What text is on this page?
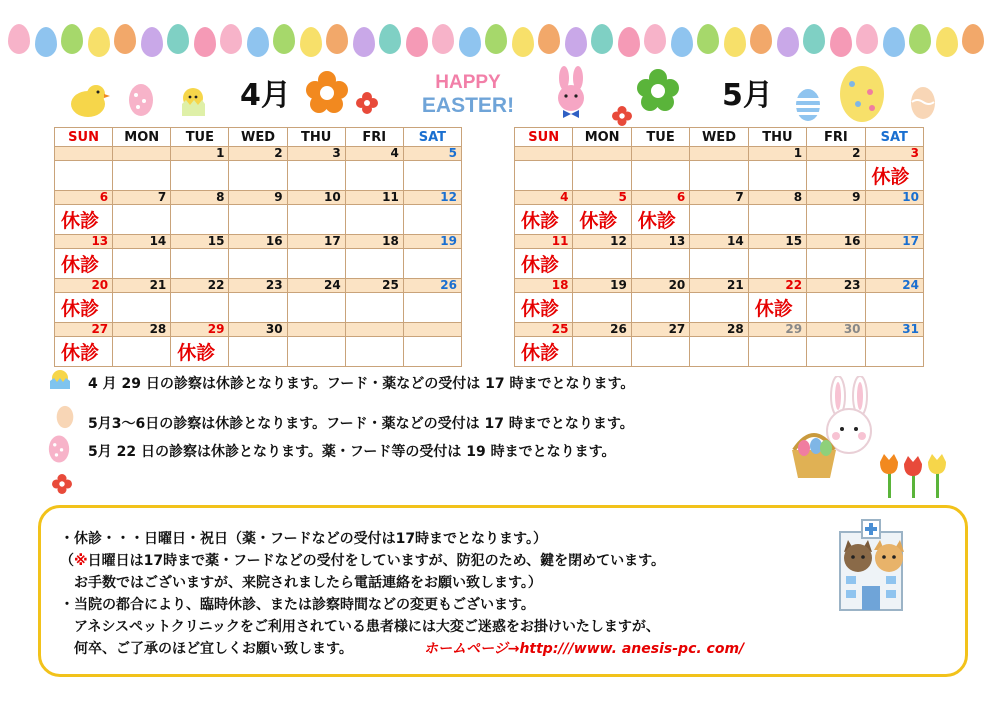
4月	HAPPY
EASTER!	5月
SUN	MON	TUE	WED	THU	FRI	SAT
		1	2	3	4	5

6	7	8	9	10	11	12
休診						
13	14	15	16	17	18	19
休診						
20	21	22	23	24	25	26
休診						
27	28	29	30			
休診		休診				
SUN	MON	TUE	WED	THU	FRI	SAT
				1	2	3
						休診
4	5	6	7	8	9	10
休診	休診	休診				
11	12	13	14	15	16	17
休診						
18	19	20	21	22	23	24
休診				休診		
25	26	27	28	29	30	31
休診						
4 月 29 日の診察は休診となります。フード・薬などの受付は 17 時までとなります。
5月3～6日の診察は休診となります。フード・薬などの受付は 17 時までとなります。
5月 22 日の診察は休診となります。薬・フード等の受付は 19 時までとなります。
・休診・・・日曜日・祝日（薬・フードなどの受付は17時までとなります。）
（※日曜日は17時まで薬・フードなどの受付をしていますが、防犯のため、鍵を閉めています。
　お手数ではございますが、来院されましたら電話連絡をお願い致します。）
・当院の都合により、臨時休診、または診察時間などの変更もございます。
　アネシスペットクリニックをご利用されている患者様には大変ご迷惑をお掛けいたしますが、
　何卒、ご了承のほど宜しくお願い致します。	ホームページ→http:///www. anesis-pc. com/
